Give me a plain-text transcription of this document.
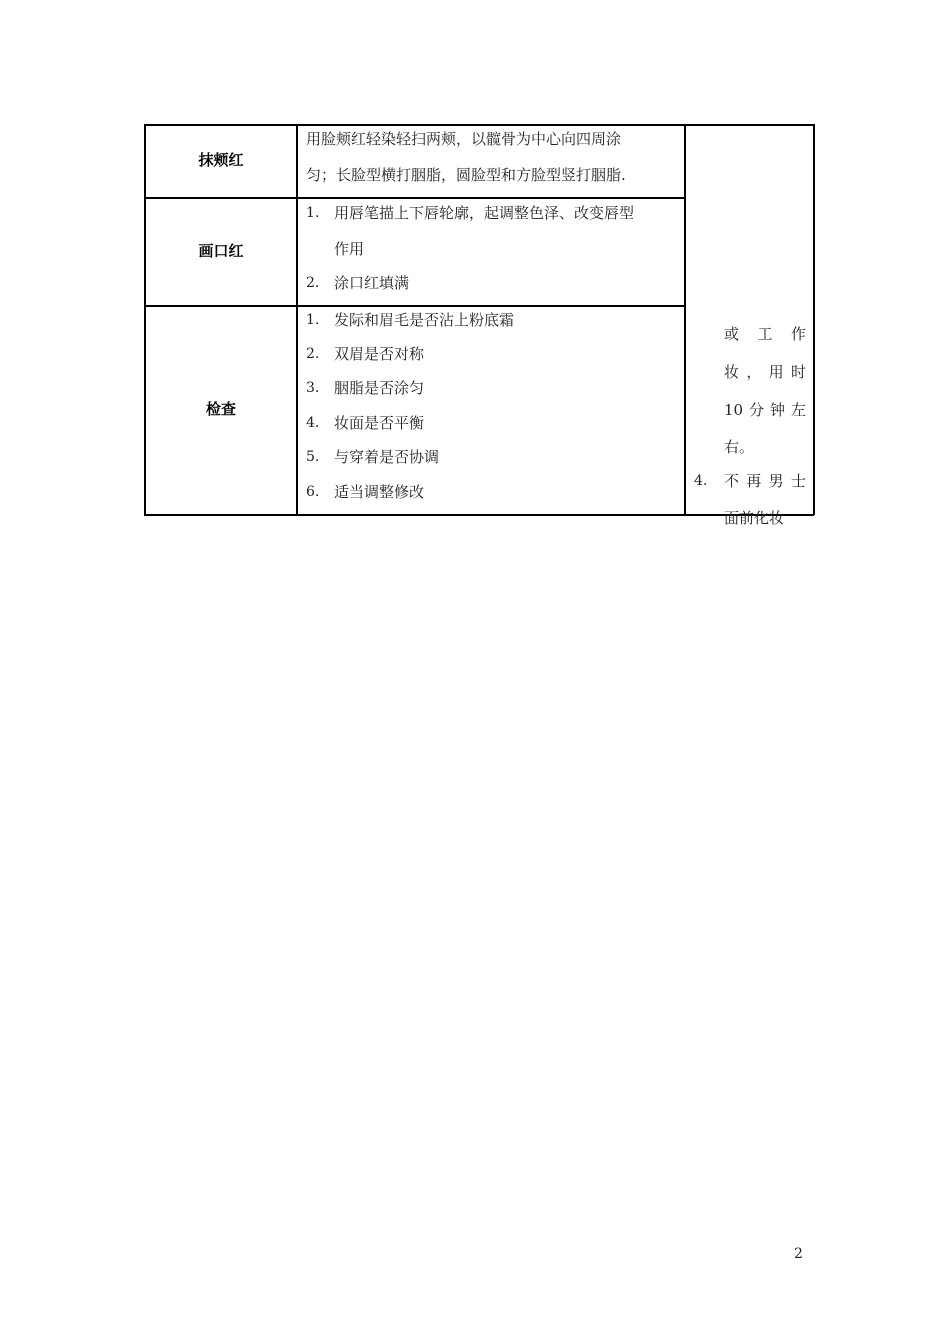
抹颊红
用脸颊红轻染轻扫两颊，以髋骨为中心向四周涂
匀；长脸型横打胭脂，圆脸型和方脸型竖打胭脂.
画口红
1. 用唇笔描上下唇轮廓，起调整色泽、改变唇型
作用
2. 涂口红填满
检查
1. 发际和眉毛是否沾上粉底霜
2. 双眉是否对称
3. 胭脂是否涂匀
4. 妆面是否平衡
5. 与穿着是否协调
6. 适当调整修改
或 工 作
妆 ， 用 时
10 分 钟 左
右。
4. 不 再 男 士
面前化妆
2
